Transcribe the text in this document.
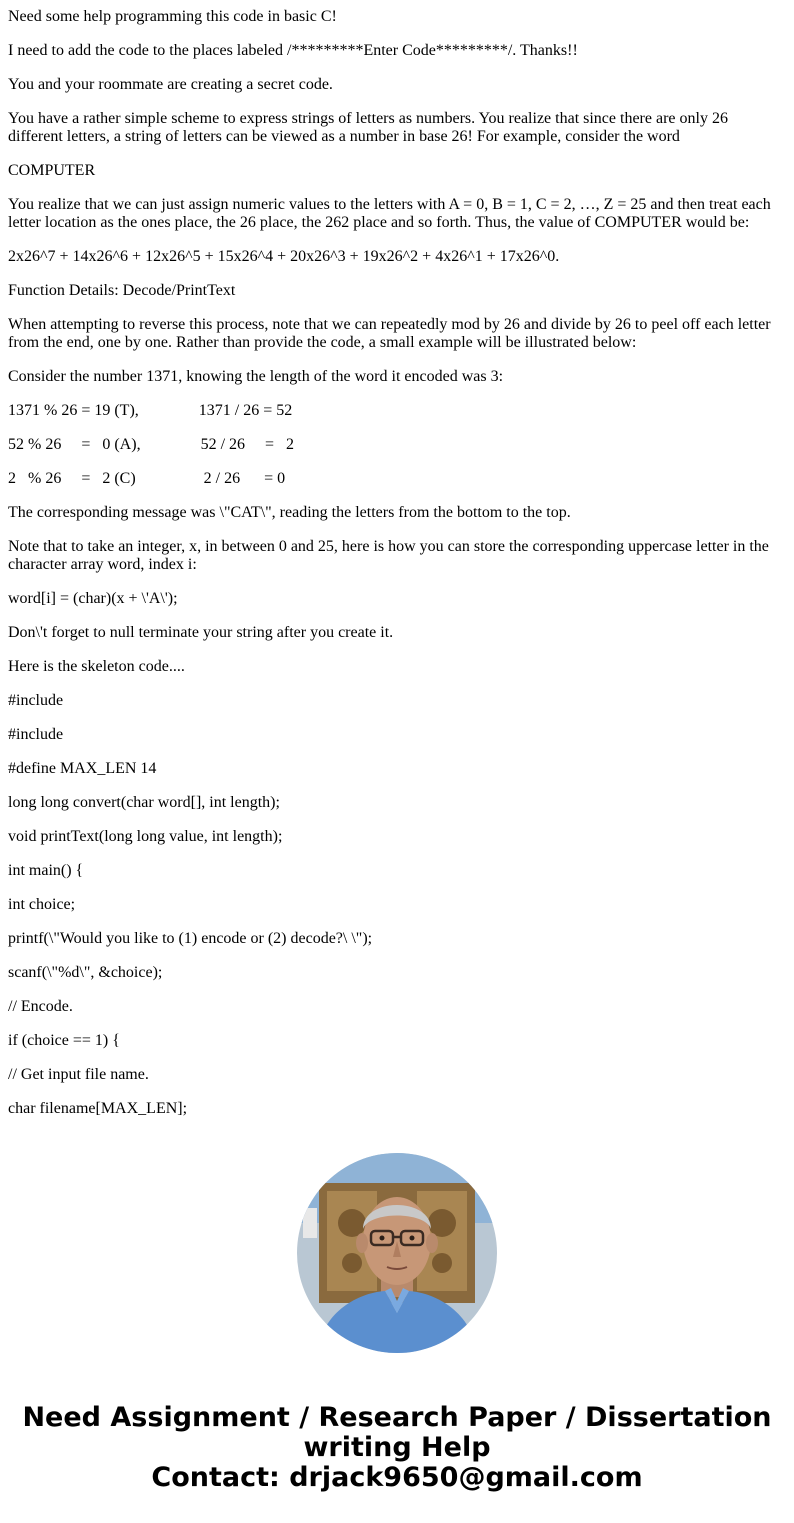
Need some help programming this code in basic C!

I need to add the code to the places labeled /*********Enter Code*********/. Thanks!!

You and your roommate are creating a secret code.

You have a rather simple scheme to express strings of letters as numbers. You realize that since there are only 26 different letters, a string of letters can be viewed as a number in base 26! For example, consider the word

COMPUTER

You realize that we can just assign numeric values to the letters with A = 0, B = 1, C = 2, …, Z = 25 and then treat each letter location as the ones place, the 26 place, the 262 place and so forth. Thus, the value of COMPUTER would be:

2x26^7 + 14x26^6 + 12x26^5 + 15x26^4 + 20x26^3 + 19x26^2 + 4x26^1 + 17x26^0.

Function Details: Decode/PrintText

When attempting to reverse this process, note that we can repeatedly mod by 26 and divide by 26 to peel off each letter from the end, one by one. Rather than provide the code, a small example will be illustrated below:

Consider the number 1371, knowing the length of the word it encoded was 3:

1371 % 26 = 19 (T),               1371 / 26 = 52

52 % 26     =   0 (A),               52 / 26     =   2

2   % 26     =   2 (C)                 2 / 26      = 0

The corresponding message was \"CAT\", reading the letters from the bottom to the top.

Note that to take an integer, x, in between 0 and 25, here is how you can store the corresponding uppercase letter in the character array word, index i:

word[i] = (char)(x + \'A\');

Don\'t forget to null terminate your string after you create it.

Here is the skeleton code....

#include

#include

#define MAX_LEN 14

long long convert(char word[], int length);

void printText(long long value, int length);

int main() {

int choice;

printf(\"Would you like to (1) encode or (2) decode?\ \");

scanf(\"%d\", &choice);

// Encode.

if (choice == 1) {

// Get input file name.

char filename[MAX_LEN];

Need Assignment / Research Paper / Dissertation
writing Help
Contact: drjack9650@gmail.com
